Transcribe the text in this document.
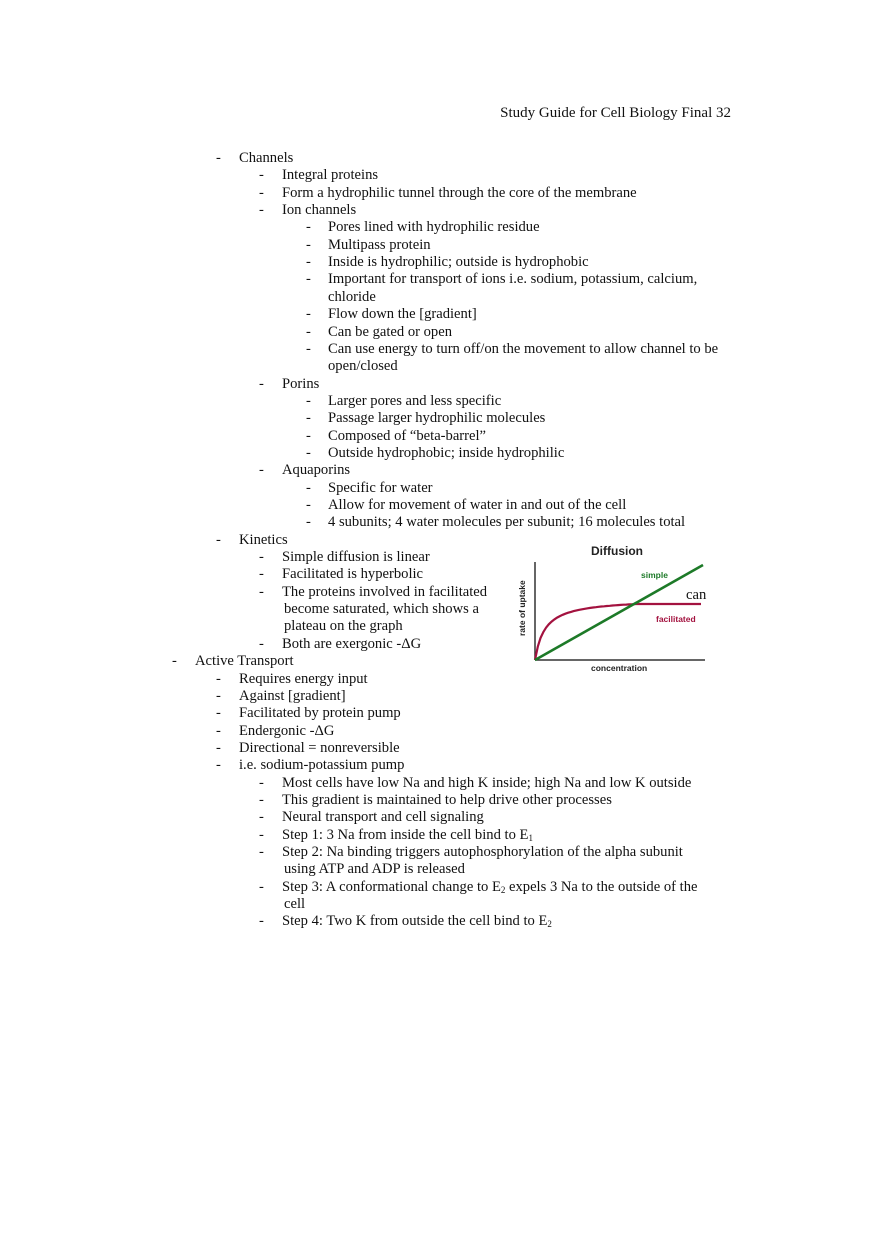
Study Guide for Cell Biology Final 32
- Channels
- Integral proteins
- Form a hydrophilic tunnel through the core of the membrane
- Ion channels
- Pores lined with hydrophilic residue
- Multipass protein
- Inside is hydrophilic; outside is hydrophobic
- Important for transport of ions i.e. sodium, potassium, calcium,
chloride
- Flow down the [gradient]
- Can be gated or open
- Can use energy to turn off/on the movement to allow channel to be
open/closed
- Porins
- Larger pores and less specific
- Passage larger hydrophilic molecules
- Composed of “beta-barrel”
- Outside hydrophobic; inside hydrophilic
- Aquaporins
- Specific for water
- Allow for movement of water in and out of the cell
- 4 subunits; 4 water molecules per subunit; 16 molecules total
- Kinetics
- Simple diffusion is linear
- Facilitated is hyperbolic
- The proteins involved in facilitated
become saturated, which shows a
plateau on the graph
- Both are exergonic -ΔG
- Active Transport
- Requires energy input
- Against [gradient]
- Facilitated by protein pump
- Endergonic -ΔG
- Directional = nonreversible
- i.e. sodium-potassium pump
- Most cells have low Na and high K inside; high Na and low K outside
- This gradient is maintained to help drive other processes
- Neural transport and cell signaling
- Step 1: 3 Na from inside the cell bind to $E_1$
- Step 2: Na binding triggers autophosphorylation of the alpha subunit
using ATP and ADP is released
- Step 3: A conformational change to $E_2$ expels 3 Na to the outside of the
cell
- Step 4: Two K from outside the cell bind to $E_2$
can
Diffusion
rate of uptake
concentration
simple
facilitated
